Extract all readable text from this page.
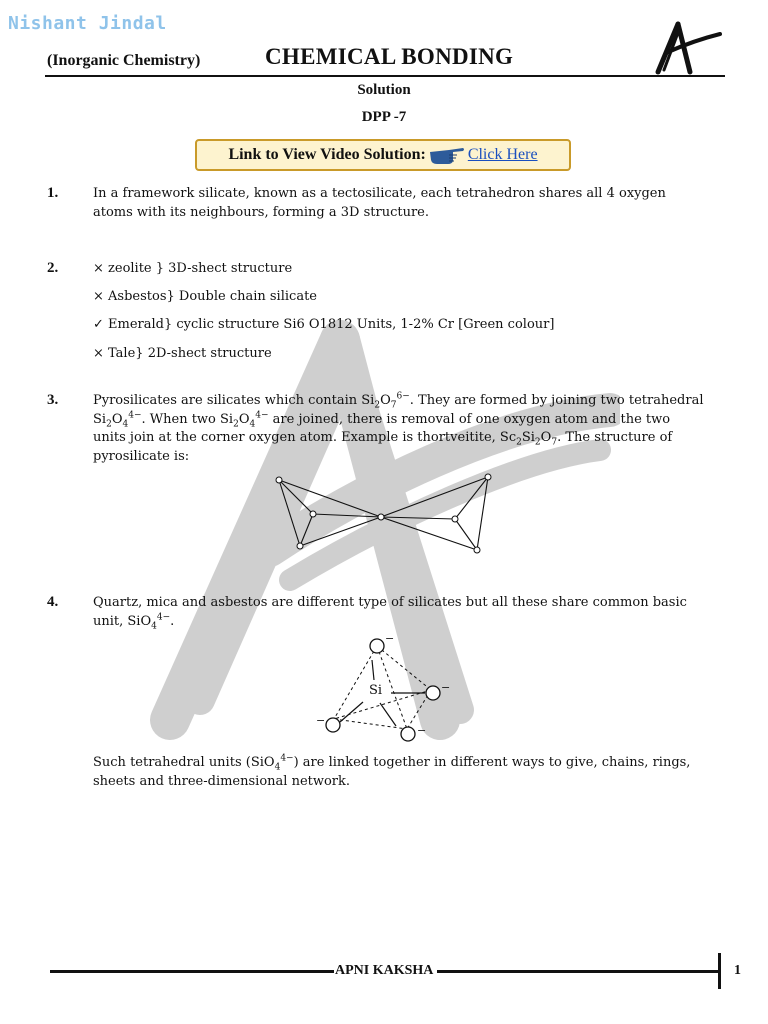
Nishant Jindal
(Inorganic Chemistry)	CHEMICAL BONDING
Solution
DPP -7
Link to View Video Solution:	Click Here
1.	In a framework silicate, known as a tectosilicate, each tetrahedron shares all 4 oxygen atoms with its neighbours, forming a 3D structure.
2.	× zeolite } 3D-shect structure
× Asbestos} Double chain silicate
✓ Emerald} cyclic structure Si6 O1812 Units, 1-2% Cr [Green colour]
× Tale} 2D-shect structure
3.	Pyrosilicates are silicates which contain $Si_2O_7^{6-}$. They are formed by joining two tetrahedral $Si_2O_4^{4-}$. When two $Si_2O_4^{4-}$ are joined, there is removal of one oxygen atom and the two units join at the corner oxygen atom. Example is thortveitite, $Sc_2Si_2O_7$. The structure of pyrosilicate is:
4.	Quartz, mica and asbestos are different type of silicates but all these share common basic unit, SiO$_4^{4-}$.
Si
−
−
−
−
Such tetrahedral units (SiO$_4^{4-}$) are linked together in different ways to give, chains, rings, sheets and three-dimensional network.
APNI KAKSHA	1
